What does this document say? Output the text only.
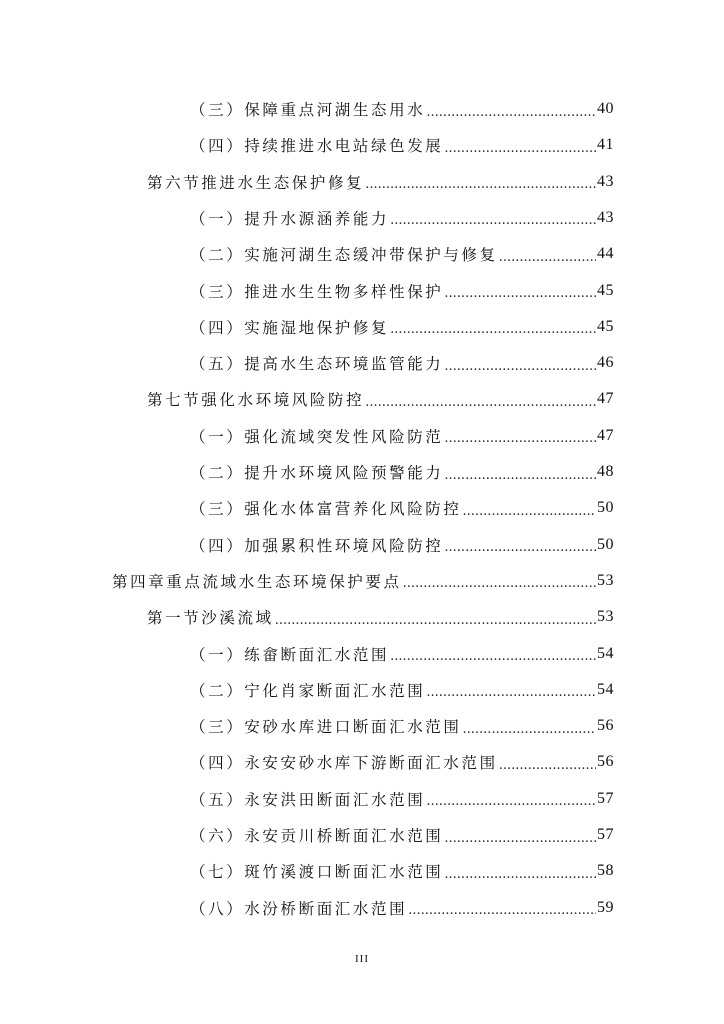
（三）保障重点河湖生态用水 .....	40
（四）持续推进水电站绿色发展 .....	41
第六节推进水生态保护修复 .....	43
（一）提升水源涵养能力 .....	43
（二）实施河湖生态缓冲带保护与修复 .....	44
（三）推进水生生物多样性保护 .....	45
（四）实施湿地保护修复 .....	45
（五）提高水生态环境监管能力 .....	46
第七节强化水环境风险防控 .....	47
（一）强化流域突发性风险防范 .....	47
（二）提升水环境风险预警能力 .....	48
（三）强化水体富营养化风险防控 .....	50
（四）加强累积性环境风险防控 .....	50
第四章重点流域水生态环境保护要点 .....	53
第一节沙溪流域 .....	53
（一）练畲断面汇水范围 .....	54
（二）宁化肖家断面汇水范围 .....	54
（三）安砂水库进口断面汇水范围 .....	56
（四）永安安砂水库下游断面汇水范围 .....	56
（五）永安洪田断面汇水范围 .....	57
（六）永安贡川桥断面汇水范围 .....	57
（七）斑竹溪渡口断面汇水范围 .....	58
（八）水汾桥断面汇水范围 .....	59
III
